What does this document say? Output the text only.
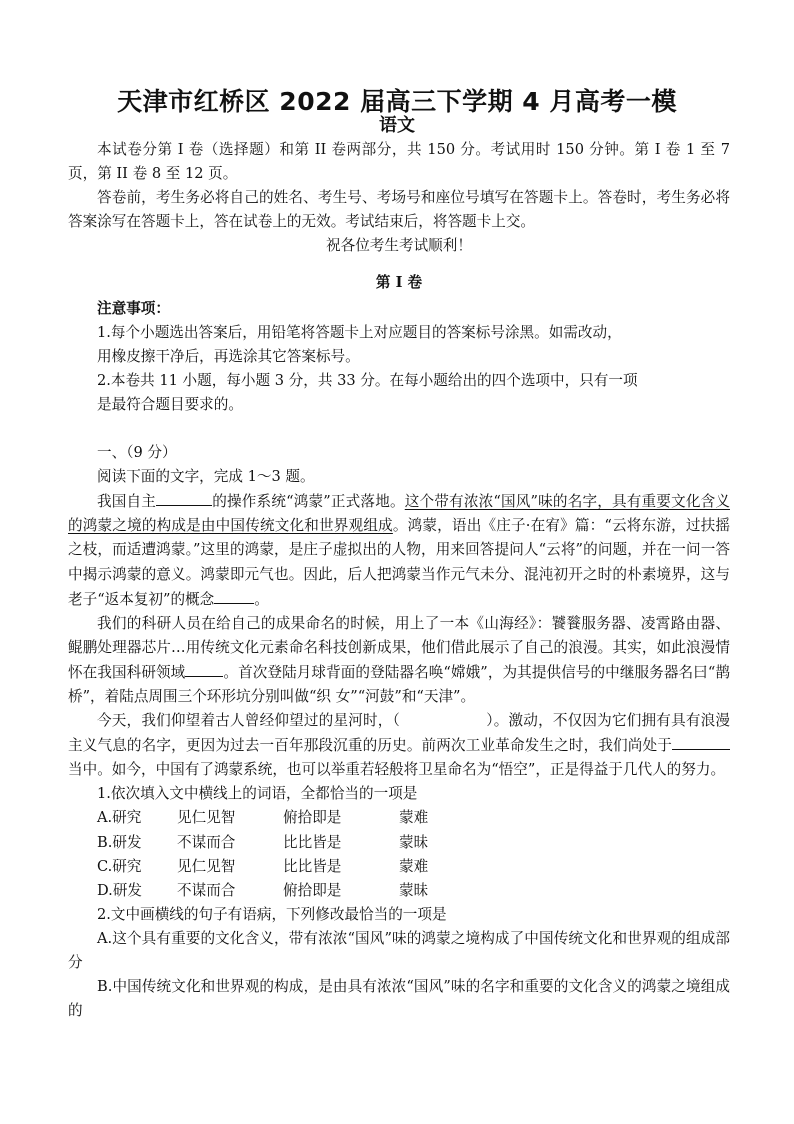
天津市红桥区 2022 届高三下学期 4 月高考一模
语文

本试卷分第 I 卷（选择题）和第 II 卷两部分，共 150 分。考试用时 150 分钟。第 I 卷 1 至 7 页，第 II 卷 8 至 12 页。

答卷前，考生务必将自己的姓名、考生号、考场号和座位号填写在答题卡上。答卷时，考生务必将答案涂写在答题卡上，答在试卷上的无效。考试结束后，将答题卡上交。

祝各位考生考试顺利！

第 I 卷

注意事项：

1.每个小题选出答案后，用铅笔将答题卡上对应题目的答案标号涂黑。如需改动，

用橡皮擦干净后，再选涂其它答案标号。

2.本卷共 11 小题，每小题 3 分，共 33 分。在每小题给出的四个选项中，只有一项

是最符合题目要求的。

一、（9 分）

阅读下面的文字，完成 1～3 题。

我国自主	的操作系统“鸿蒙”正式落地。这个带有浓浓“国风”味的名字，具有重要文化含义的鸿蒙之境的构成是由中国传统文化和世界观组成。鸿蒙，语出《庄子·在宥》篇：“云将东游，过扶摇之枝，而适遭鸿蒙。”这里的鸿蒙，是庄子虚拟出的人物，用来回答提问人“云将”的问题，并在一问一答中揭示鸿蒙的意义。鸿蒙即元气也。因此，后人把鸿蒙当作元气未分、混沌初开之时的朴素境界，这与老子“返本复初”的概念	。

我们的科研人员在给自己的成果命名的时候，用上了一本《山海经》：饕餮服务器、凌霄路由器、鲲鹏处理器芯片…用传统文化元素命名科技创新成果，他们借此展示了自己的浪漫。其实，如此浪漫情怀在我国科研领域	。首次登陆月球背面的登陆器名唤“嫦娥”，为其提供信号的中继服务器名曰“鹊桥”，着陆点周围三个环形坑分别叫做“织 女”“河鼓”和“天津”。

今天，我们仰望着古人曾经仰望过的星河时，（	）。激动，不仅因为它们拥有具有浪漫主义气息的名字，更因为过去一百年那段沉重的历史。前两次工业革命发生之时，我们尚处于当中。如今，中国有了鸿蒙系统，也可以举重若轻般将卫星命名为“悟空”，正是得益于几代人的努力。

1.依次填入文中横线上的词语，全都恰当的一项是

A.研究	见仁见智	俯拾即是	蒙难
B.研发	不谋而合	比比皆是	蒙昧
C.研究	见仁见智	比比皆是	蒙难
D.研发	不谋而合	俯拾即是	蒙昧

2.文中画横线的句子有语病，下列修改最恰当的一项是

A.这个具有重要的文化含义，带有浓浓“国风”味的鸿蒙之境构成了中国传统文化和世界观的组成部分

B.中国传统文化和世界观的构成，是由具有浓浓“国风”味的名字和重要的文化含义的鸿蒙之境组成的
